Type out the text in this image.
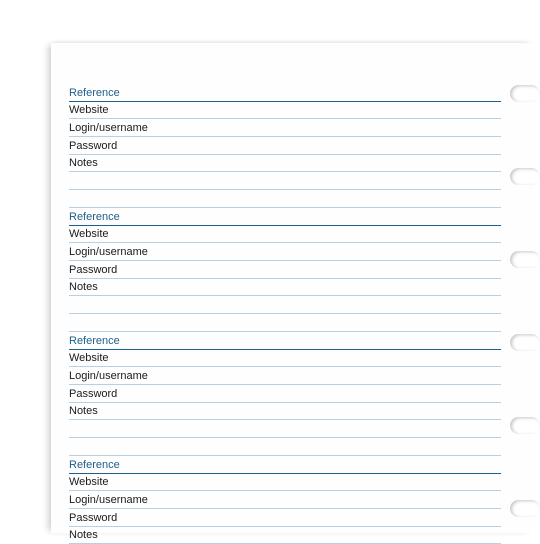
Reference
Website
Login/username
Password
Notes
Reference
Website
Login/username
Password
Notes
Reference
Website
Login/username
Password
Notes
Reference
Website
Login/username
Password
Notes
